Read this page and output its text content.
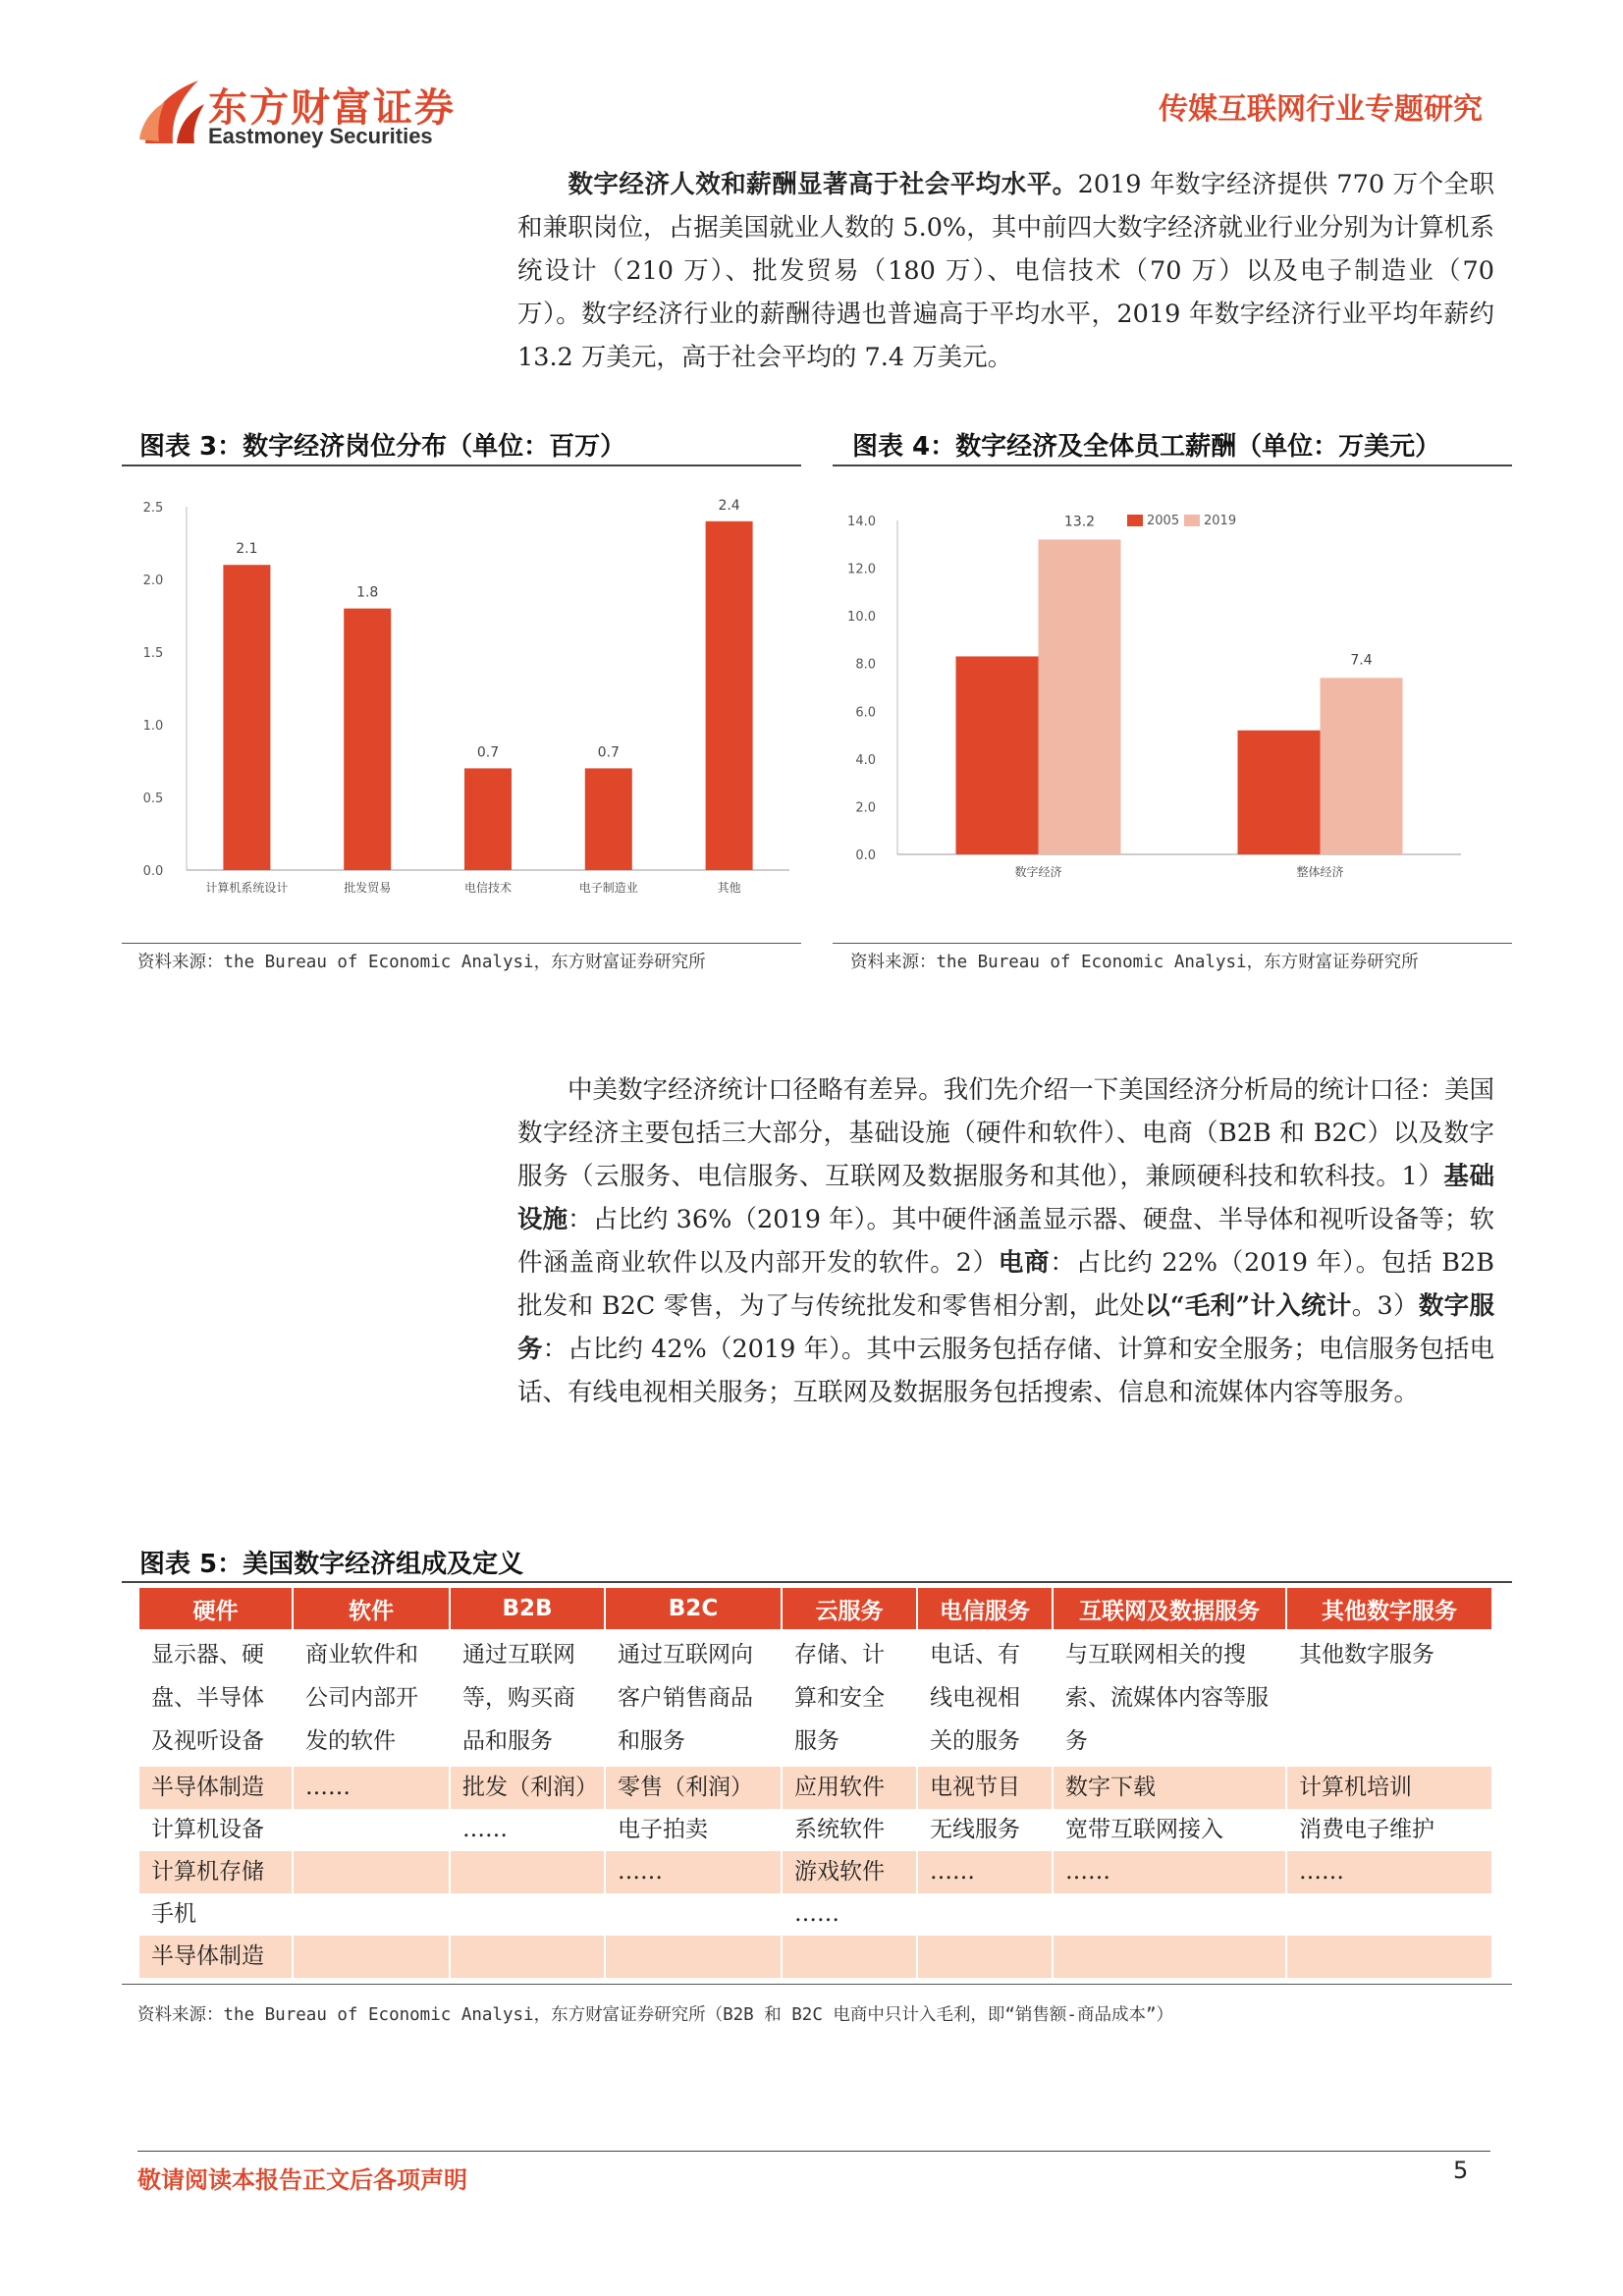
东方财富证券
Eastmoney Securities
传媒互联网行业专题研究
数字经济人效和薪酬显著高于社会平均水平。2019 年数字经济提供 770 万个全职和兼职岗位，占据美国就业人数的 5.0%，其中前四大数字经济就业行业分别为计算机系统设计（210 万）、批发贸易（180 万）、电信技术（70 万）以及电子制造业（70 万）。数字经济行业的薪酬待遇也普遍高于平均水平，2019 年数字经济行业平均年薪约 13.2 万美元，高于社会平均的 7.4 万美元。
图表 3：数字经济岗位分布（单位：百万）
0.0
0.5
1.0
1.5
2.0
2.5
2.1
计算机系统设计
1.8
批发贸易
0.7
电信技术
0.7
电子制造业
2.4
其他
资料来源：the Bureau of Economic Analysi，东方财富证券研究所
图表 4：数字经济及全体员工薪酬（单位：万美元）
2005 2019
0.0
2.0
4.0
6.0
8.0
10.0
12.0
14.0	13.2
数字经济
7.4
整体经济
资料来源：the Bureau of Economic Analysi，东方财富证券研究所
中美数字经济统计口径略有差异。我们先介绍一下美国经济分析局的统计口径：美国数字经济主要包括三大部分，基础设施（硬件和软件）、电商（B2B 和 B2C）以及数字服务（云服务、电信服务、互联网及数据服务和其他），兼顾硬科技和软科技。1）基础设施：占比约 36%（2019 年）。其中硬件涵盖显示器、硬盘、半导体和视听设备等；软件涵盖商业软件以及内部开发的软件。2）电商：占比约 22%（2019 年）。包括 B2B 批发和 B2C 零售，为了与传统批发和零售相分割，此处以“毛利”计入统计。3）数字服务：占比约 42%（2019 年）。其中云服务包括存储、计算和安全服务；电信服务包括电话、有线电视相关服务；互联网及数据服务包括搜索、信息和流媒体内容等服务。
图表 5：美国数字经济组成及定义
硬件	软件	B2B	B2C	云服务	电信服务	互联网及数据服务	其他数字服务
显示器、硬盘、半导体及视听设备	商业软件和公司内部开发的软件	通过互联网等，购买商品和服务	通过互联网向客户销售商品和服务	存储、计算和安全服务	电话、有线电视相关的服务	与互联网相关的搜索、流媒体内容等服务	其他数字服务
半导体制造	……	批发（利润）	零售（利润）	应用软件	电视节目	数字下载	计算机培训
计算机设备		……	电子拍卖	系统软件	无线服务	宽带互联网接入	消费电子维护
计算机存储			……	游戏软件	……	……	……
手机				……			
半导体制造							
资料来源：the Bureau of Economic Analysi，东方财富证券研究所（B2B 和 B2C 电商中只计入毛利，即“销售额-商品成本”）
敬请阅读本报告正文后各项声明	5
